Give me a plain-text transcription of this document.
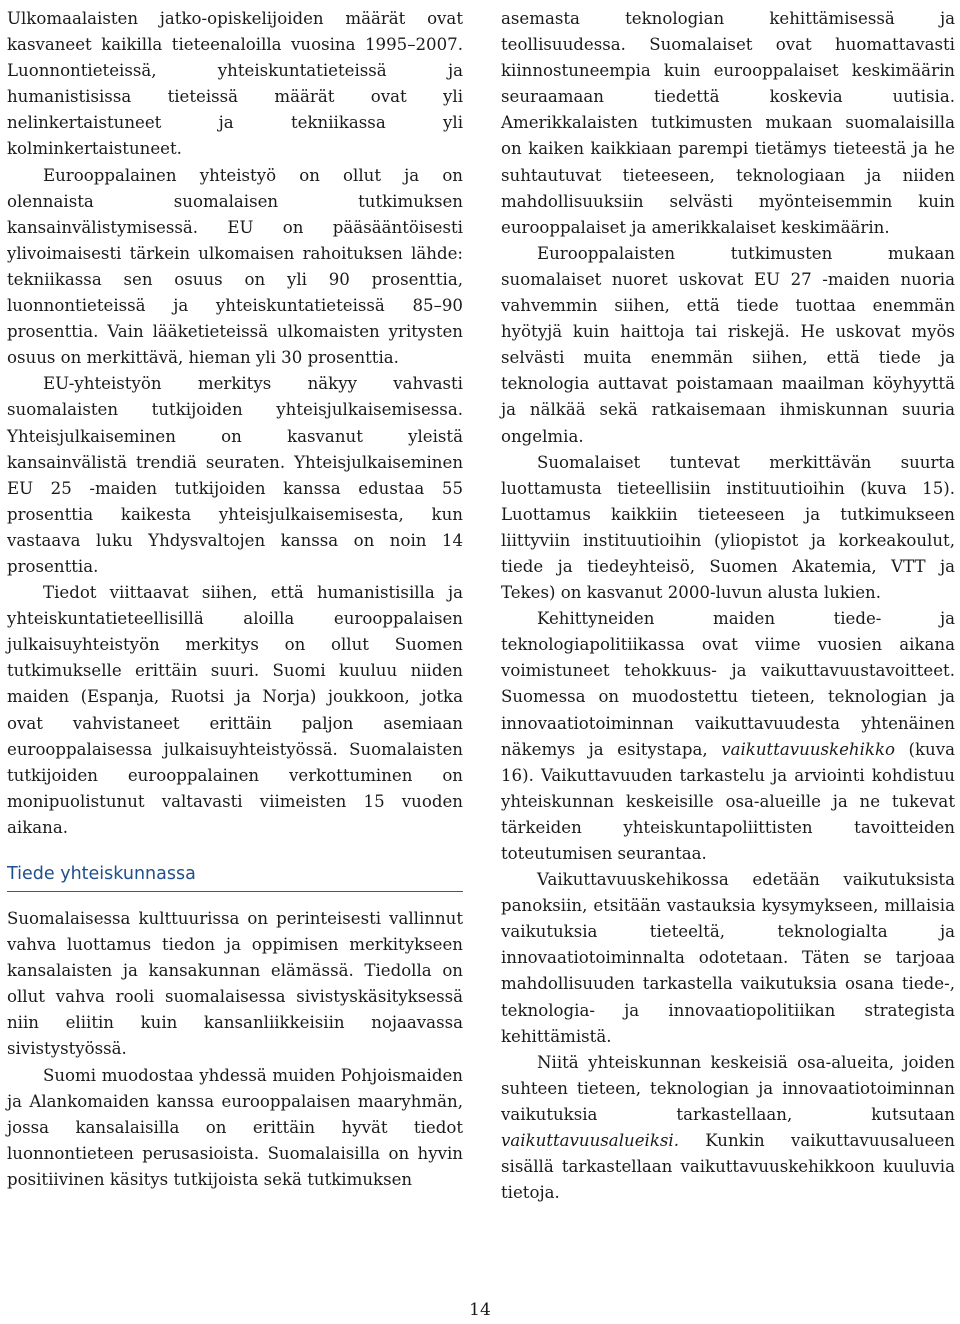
Ulkomaalaisten jatko-opiskelijoiden määrät ovat kasvaneet kaikilla tieteenaloilla vuosina 1995–2007. Luonnontieteissä, yhteiskuntatieteissä ja humanistisissa tieteissä määrät ovat yli nelinkertaistuneet ja tekniikassa yli kolminkertaistuneet.

Eurooppalainen yhteistyö on ollut ja on olennaista suomalaisen tutkimuksen kansainvälistymisessä. EU on pääsääntöisesti ylivoimaisesti tärkein ulkomaisen rahoituksen lähde: tekniikassa sen osuus on yli 90 prosenttia, luonnontieteissä ja yhteiskuntatieteissä 85–90 prosenttia. Vain lääketieteissä ulkomaisten yritysten osuus on merkittävä, hieman yli 30 prosenttia.

EU-yhteistyön merkitys näkyy vahvasti suomalaisten tutkijoiden yhteisjulkaisemisessa. Yhteisjulkaiseminen on kasvanut yleistä kansainvälistä trendiä seuraten. Yhteisjulkaiseminen EU 25 -maiden tutkijoiden kanssa edustaa 55 prosenttia kaikesta yhteisjulkaisemisesta, kun vastaava luku Yhdysvaltojen kanssa on noin 14 prosenttia.

Tiedot viittaavat siihen, että humanistisilla ja yhteiskuntatieteellisillä aloilla eurooppalaisen julkaisuyhteistyön merkitys on ollut Suomen tutkimukselle erittäin suuri. Suomi kuuluu niiden maiden (Espanja, Ruotsi ja Norja) joukkoon, jotka ovat vahvistaneet erittäin paljon asemiaan eurooppalaisessa julkaisuyhteistyössä. Suomalaisten tutkijoiden eurooppalainen verkottuminen on monipuolistunut valtavasti viimeisten 15 vuoden aikana.

Tiede yhteiskunnassa

Suomalaisessa kulttuurissa on perinteisesti vallinnut vahva luottamus tiedon ja oppimisen merkitykseen kansalaisten ja kansakunnan elämässä. Tiedolla on ollut vahva rooli suomalaisessa sivistyskäsityksessä niin eliitin kuin kansanliikkeisiin nojaavassa sivistystyössä.

Suomi muodostaa yhdessä muiden Pohjoismaiden ja Alankomaiden kanssa eurooppalaisen maaryhmän, jossa kansalaisilla on erittäin hyvät tiedot luonnontieteen perusasioista. Suomalaisilla on hyvin positiivinen käsitys tutkijoista sekä tutkimuksen

asemasta teknologian kehittämisessä ja teollisuudessa. Suomalaiset ovat huomattavasti kiinnostuneempia kuin eurooppalaiset keskimäärin seuraamaan tiedettä koskevia uutisia. Amerikkalaisten tutkimusten mukaan suomalaisilla on kaiken kaikkiaan parempi tietämys tieteestä ja he suhtautuvat tieteeseen, teknologiaan ja niiden mahdollisuuksiin selvästi myönteisemmin kuin eurooppalaiset ja amerikkalaiset keskimäärin.

Eurooppalaisten tutkimusten mukaan suomalaiset nuoret uskovat EU 27 -maiden nuoria vahvemmin siihen, että tiede tuottaa enemmän hyötyjä kuin haittoja tai riskejä. He uskovat myös selvästi muita enemmän siihen, että tiede ja teknologia auttavat poistamaan maailman köyhyyttä ja nälkää sekä ratkaisemaan ihmiskunnan suuria ongelmia.

Suomalaiset tuntevat merkittävän suurta luottamusta tieteellisiin instituutioihin (kuva 15). Luottamus kaikkiin tieteeseen ja tutkimukseen liittyviin instituutioihin (yliopistot ja korkeakoulut, tiede ja tiedeyhteisö, Suomen Akatemia, VTT ja Tekes) on kasvanut 2000-luvun alusta lukien.

Kehittyneiden maiden tiede- ja teknologiapolitiikassa ovat viime vuosien aikana voimistuneet tehokkuus- ja vaikuttavuustavoitteet. Suomessa on muodostettu tieteen, teknologian ja innovaatiotoiminnan vaikuttavuudesta yhtenäinen näkemys ja esitystapa, vaikuttavuuskehikko (kuva 16). Vaikuttavuuden tarkastelu ja arviointi kohdistuu yhteiskunnan keskeisille osa-alueille ja ne tukevat tärkeiden yhteiskuntapoliittisten tavoitteiden toteutumisen seurantaa.

Vaikuttavuuskehikossa edetään vaikutuksista panoksiin, etsitään vastauksia kysymykseen, millaisia vaikutuksia tieteeltä, teknologialta ja innovaatiotoiminnalta odotetaan. Täten se tarjoaa mahdollisuuden tarkastella vaikutuksia osana tiede-, teknologia- ja innovaatiopolitiikan strategista kehittämistä.

Niitä yhteiskunnan keskeisiä osa-alueita, joiden suhteen tieteen, teknologian ja innovaatiotoiminnan vaikutuksia tarkastellaan, kutsutaan vaikuttavuusalueiksi. Kunkin vaikuttavuusalueen sisällä tarkastellaan vaikuttavuuskehikkoon kuuluvia tietoja.

14
